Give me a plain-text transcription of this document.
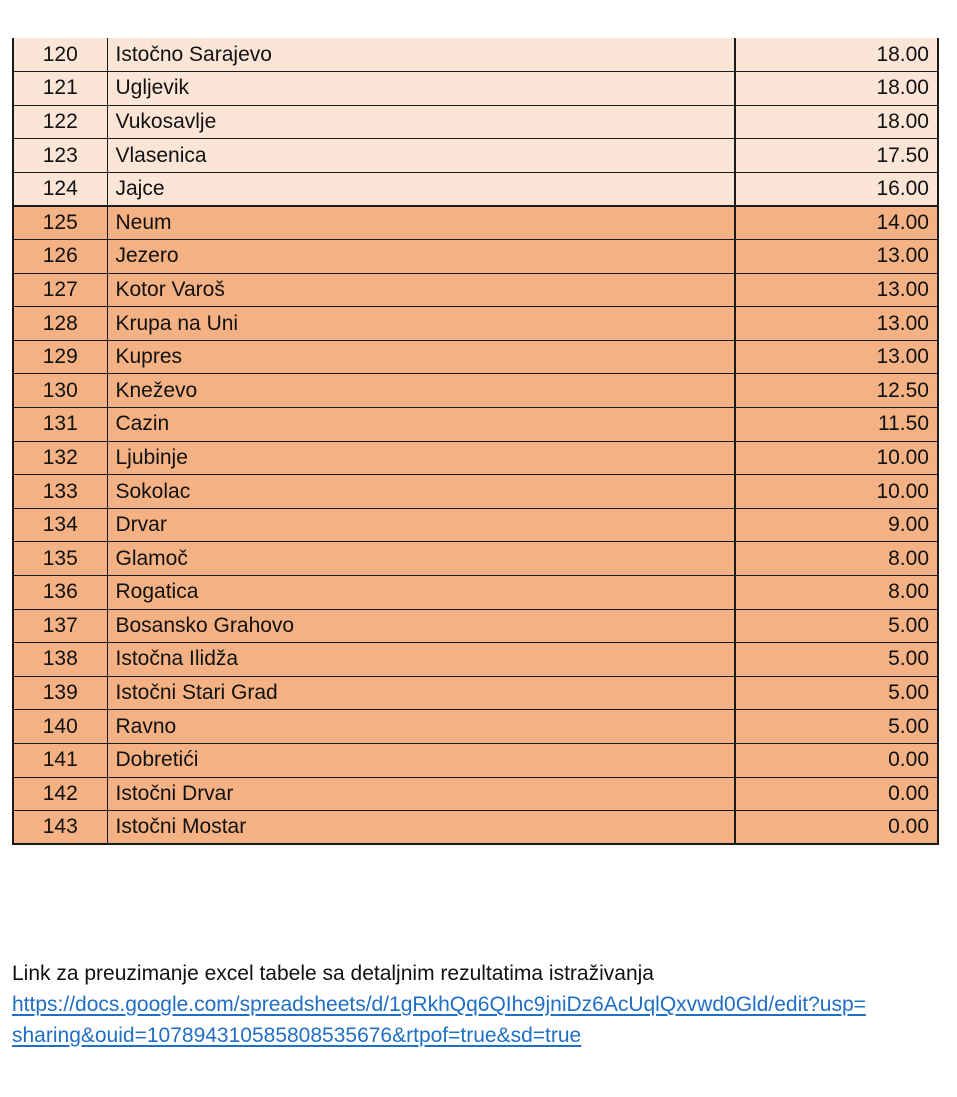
120	Istočno Sarajevo	18.00
121	Ugljevik	18.00
122	Vukosavlje	18.00
123	Vlasenica	17.50
124	Jajce	16.00
125	Neum	14.00
126	Jezero	13.00
127	Kotor Varoš	13.00
128	Krupa na Uni	13.00
129	Kupres	13.00
130	Kneževo	12.50
131	Cazin	11.50
132	Ljubinje	10.00
133	Sokolac	10.00
134	Drvar	9.00
135	Glamoč	8.00
136	Rogatica	8.00
137	Bosansko Grahovo	5.00
138	Istočna Ilidža	5.00
139	Istočni Stari Grad	5.00
140	Ravno	5.00
141	Dobretići	0.00
142	Istočni Drvar	0.00
143	Istočni Mostar	0.00
Link za preuzimanje excel tabele sa detaljnim rezultatima istraživanja
https://docs.google.com/spreadsheets/d/1gRkhQq6QIhc9jniDz6AcUqlQxvwd0Gld/edit?usp=
sharing&ouid=107894310585808535676&rtpof=true&sd=true
